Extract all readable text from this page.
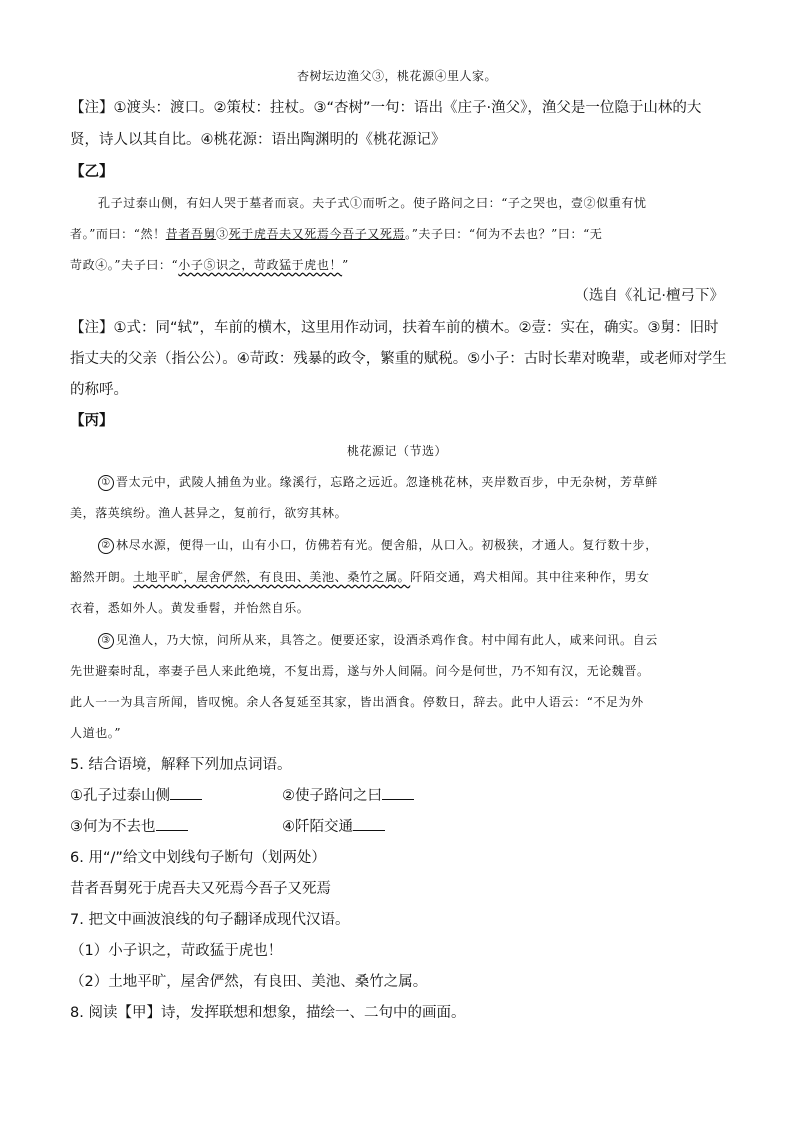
杏树坛边渔父③，桃花源④里人家。
【注】①渡头：渡口。②策杖：拄杖。③“杏树”一句：语出《庄子·渔父》，渔父是一位隐于山林的大
贤，诗人以其自比。④桃花源：语出陶渊明的《桃花源记》
【乙】
孔子过泰山侧，有妇人哭于墓者而哀。夫子式①而听之。使子路问之曰：“子之哭也，壹②似重有忧
者。”而曰：“然！昔者吾舅③死于虎吾夫又死焉今吾子又死焉。”夫子曰：“何为不去也？”曰：“无
苛政④。”夫子曰：“小子⑤识之，苛政猛于虎也！”
（选自《礼记·檀弓下》
【注】①式：同“轼”，车前的横木，这里用作动词，扶着车前的横木。②壹：实在，确实。③舅：旧时
指丈夫的父亲（指公公）。④苛政：残暴的政令，繁重的赋税。⑤小子：古时长辈对晚辈，或老师对学生
的称呼。
【丙】
桃花源记（节选）
① 晋太元中，武陵人捕鱼为业。缘溪行，忘路之远近。忽逢桃花林，夹岸数百步，中无杂树，芳草鲜
美，落英缤纷。渔人甚异之，复前行，欲穷其林。
② 林尽水源，便得一山，山有小口，仿佛若有光。便舍船，从口入。初极狭，才通人。复行数十步，
豁然开朗。土地平旷，屋舍俨然，有良田、美池、桑竹之属。阡陌交通，鸡犬相闻。其中往来种作，男女
衣着，悉如外人。黄发垂髫，并怡然自乐。
③ 见渔人，乃大惊，问所从来，具答之。便要还家，设酒杀鸡作食。村中闻有此人，咸来问讯。自云
先世避秦时乱，率妻子邑人来此绝境，不复出焉，遂与外人间隔。问今是何世，乃不知有汉，无论魏晋。
此人一一为具言所闻，皆叹惋。余人各复延至其家，皆出酒食。停数日，辞去。此中人语云：“不足为外
人道也。”
5. 结合语境，解释下列加点词语。
①孔子过泰山侧	②使子路问之曰
③何为不去也	④阡陌交通
6. 用“/”给文中划线句子断句（划两处）
昔者吾舅死于虎吾夫又死焉今吾子又死焉
7. 把文中画波浪线的句子翻译成现代汉语。
（1）小子识之，苛政猛于虎也！
（2）土地平旷，屋舍俨然，有良田、美池、桑竹之属。
8. 阅读【甲】诗，发挥联想和想象，描绘一、二句中的画面。
